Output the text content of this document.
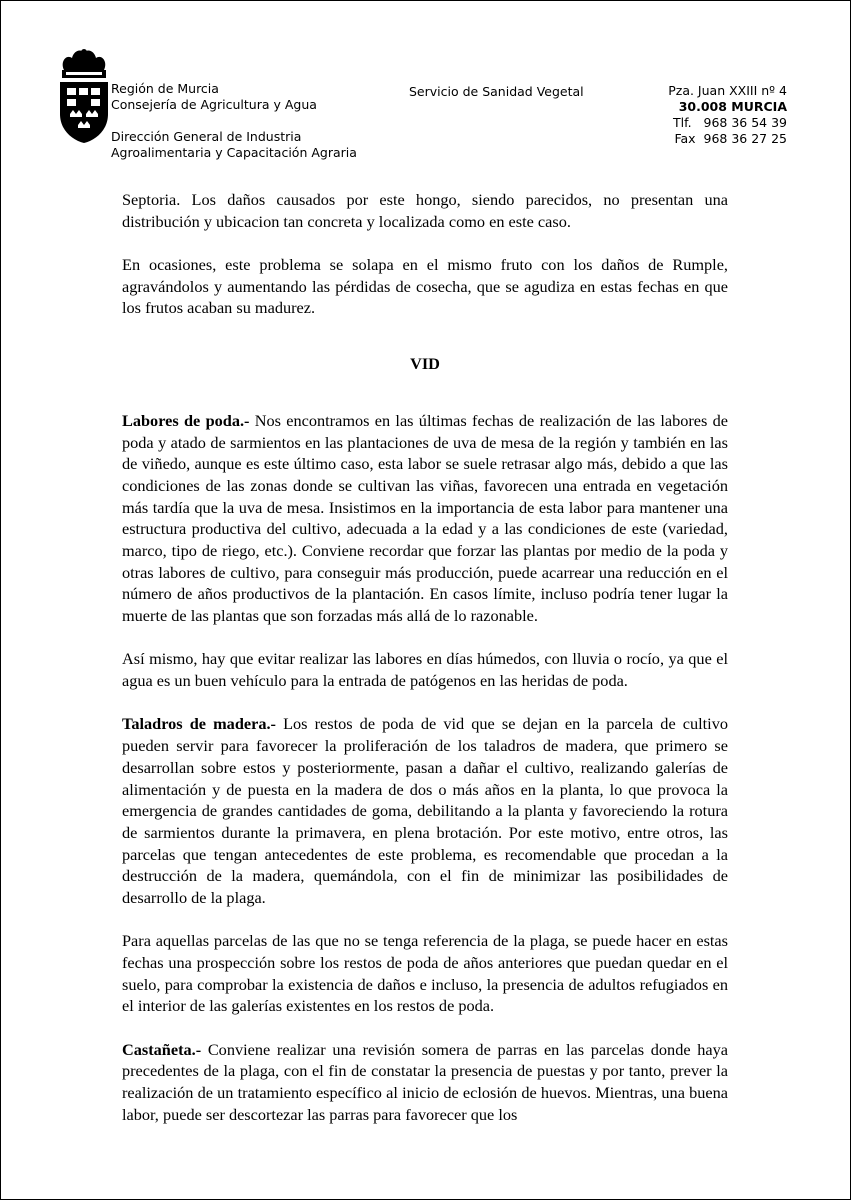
Región de Murcia
Consejería de Agricultura y Agua
Dirección General de Industria
Agroalimentaria y Capacitación Agraria
Servicio de Sanidad Vegetal	Pza. Juan XXIII nº 4
30.008 MURCIA
Tlf.   968 36 54 39
Fax  968 36 27 25

Septoria. Los daños causados por este hongo, siendo parecidos, no presentan una distribución y ubicacion tan concreta y localizada como en este caso.

En ocasiones, este problema se solapa en el mismo fruto con los daños de Rumple, agravándolos y aumentando las pérdidas de cosecha, que se agudiza en estas fechas en que los frutos acaban su madurez.

VID

Labores de poda.- Nos encontramos en las últimas fechas de realización de las labores de poda y atado de sarmientos en las plantaciones de uva de mesa de la región y también en las de viñedo, aunque es este último caso, esta labor se suele retrasar algo más, debido a que las condiciones de las zonas donde se cultivan las viñas, favorecen una entrada en vegetación más tardía que la uva de mesa. Insistimos en la importancia de esta labor para mantener una estructura productiva del cultivo, adecuada a la edad y a las condiciones de este (variedad, marco, tipo de riego, etc.). Conviene recordar que forzar las plantas por medio de la poda y otras labores de cultivo, para conseguir más producción, puede acarrear una reducción en el número de años productivos de la plantación. En casos límite, incluso podría tener lugar la muerte de las plantas que son forzadas más allá de lo razonable.

Así mismo, hay que evitar realizar las labores en días húmedos, con lluvia o rocío, ya que el agua es un buen vehículo para la entrada de patógenos en las heridas de poda.

Taladros de madera.- Los restos de poda de vid que se dejan en la parcela de cultivo pueden servir para favorecer la proliferación de los taladros de madera, que primero se desarrollan sobre estos y posteriormente, pasan a dañar el cultivo, realizando galerías de alimentación y de puesta en la madera de dos o más años en la planta, lo que provoca la emergencia de grandes cantidades de goma, debilitando a la planta y favoreciendo la rotura de sarmientos durante la primavera, en plena brotación. Por este motivo, entre otros, las parcelas que tengan antecedentes de este problema, es recomendable que procedan a la destrucción de la madera, quemándola, con el fin de minimizar las posibilidades de desarrollo de la plaga.

Para aquellas parcelas de las que no se tenga referencia de la plaga, se puede hacer en estas fechas una prospección sobre los restos de poda de años anteriores que puedan quedar en el suelo, para comprobar la existencia de daños e incluso, la presencia de adultos refugiados en el interior de las galerías existentes en los restos de poda.

Castañeta.- Conviene realizar una revisión somera de parras en las parcelas donde haya precedentes de la plaga, con el fin de constatar la presencia de puestas y por tanto, prever la realización de un tratamiento específico al inicio de eclosión de huevos. Mientras, una buena labor, puede ser descortezar las parras para favorecer que los
